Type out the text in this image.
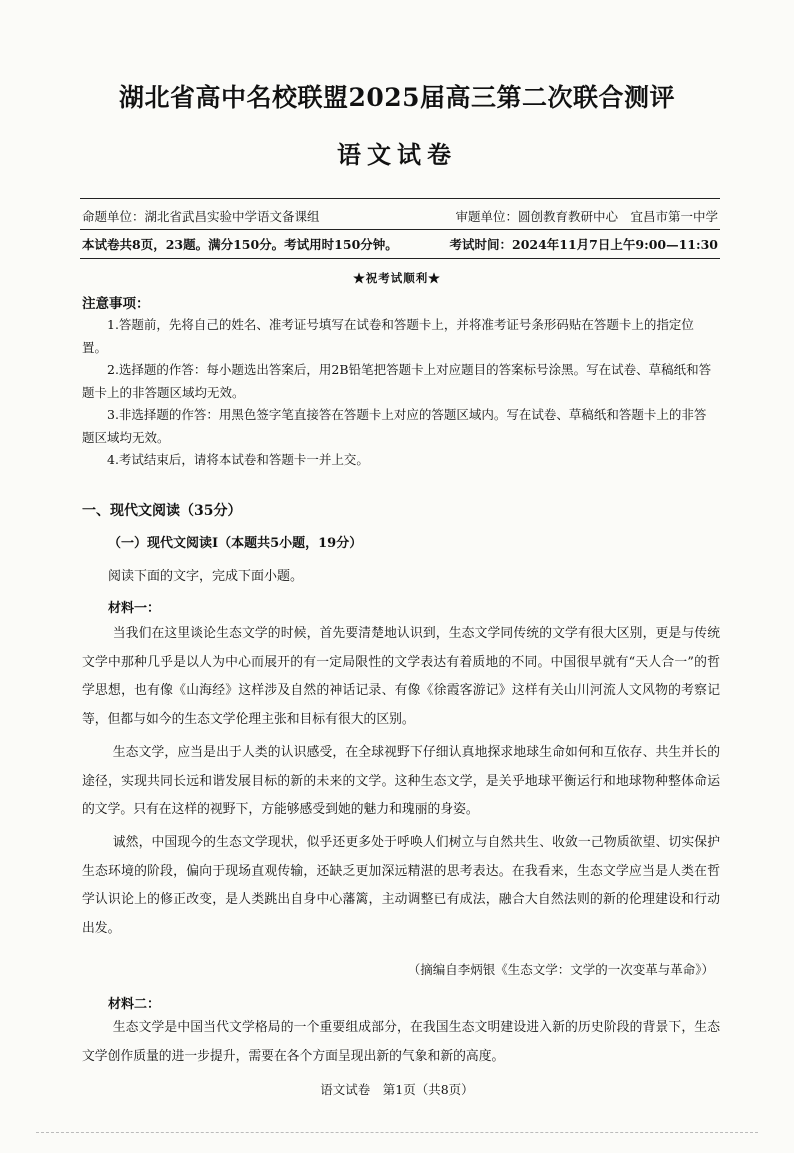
湖北省高中名校联盟2025届高三第二次联合测评
语文试卷
命题单位：湖北省武昌实验中学语文备课组	审题单位：圆创教育教研中心　宜昌市第一中学
本试卷共8页，23题。满分150分。考试用时150分钟。	考试时间：2024年11月7日上午9:00—11:30
★祝考试顺利★
注意事项：

1.答题前，先将自己的姓名、准考证号填写在试卷和答题卡上，并将准考证号条形码贴在答题卡上的指定位置。

2.选择题的作答：每小题选出答案后，用2B铅笔把答题卡上对应题目的答案标号涂黑。写在试卷、草稿纸和答题卡上的非答题区域均无效。

3.非选择题的作答：用黑色签字笔直接答在答题卡上对应的答题区域内。写在试卷、草稿纸和答题卡上的非答题区域均无效。

4.考试结束后，请将本试卷和答题卡一并上交。

一、现代文阅读（35分）
（一）现代文阅读Ⅰ（本题共5小题，19分）
阅读下面的文字，完成下面小题。
材料一：

当我们在这里谈论生态文学的时候，首先要清楚地认识到，生态文学同传统的文学有很大区别，更是与传统文学中那种几乎是以人为中心而展开的有一定局限性的文学表达有着质地的不同。中国很早就有“天人合一”的哲学思想，也有像《山海经》这样涉及自然的神话记录、有像《徐霞客游记》这样有关山川河流人文风物的考察记等，但都与如今的生态文学伦理主张和目标有很大的区别。

生态文学，应当是出于人类的认识感受，在全球视野下仔细认真地探求地球生命如何和互依存、共生并长的途径，实现共同长远和谐发展目标的新的未来的文学。这种生态文学，是关乎地球平衡运行和地球物种整体命运的文学。只有在这样的视野下，方能够感受到她的魅力和瑰丽的身姿。

诚然，中国现今的生态文学现状，似乎还更多处于呼唤人们树立与自然共生、收敛一己物质欲望、切实保护生态环境的阶段，偏向于现场直观传输，还缺乏更加深远精湛的思考表达。在我看来，生态文学应当是人类在哲学认识论上的修正改变，是人类跳出自身中心藩篱，主动调整已有成法，融合大自然法则的新的伦理建设和行动出发。

（摘编自李炳银《生态文学：文学的一次变革与革命》）
材料二：

生态文学是中国当代文学格局的一个重要组成部分，在我国生态文明建设进入新的历史阶段的背景下，生态文学创作质量的进一步提升，需要在各个方面呈现出新的气象和新的高度。

语文试卷　第1页（共8页）
